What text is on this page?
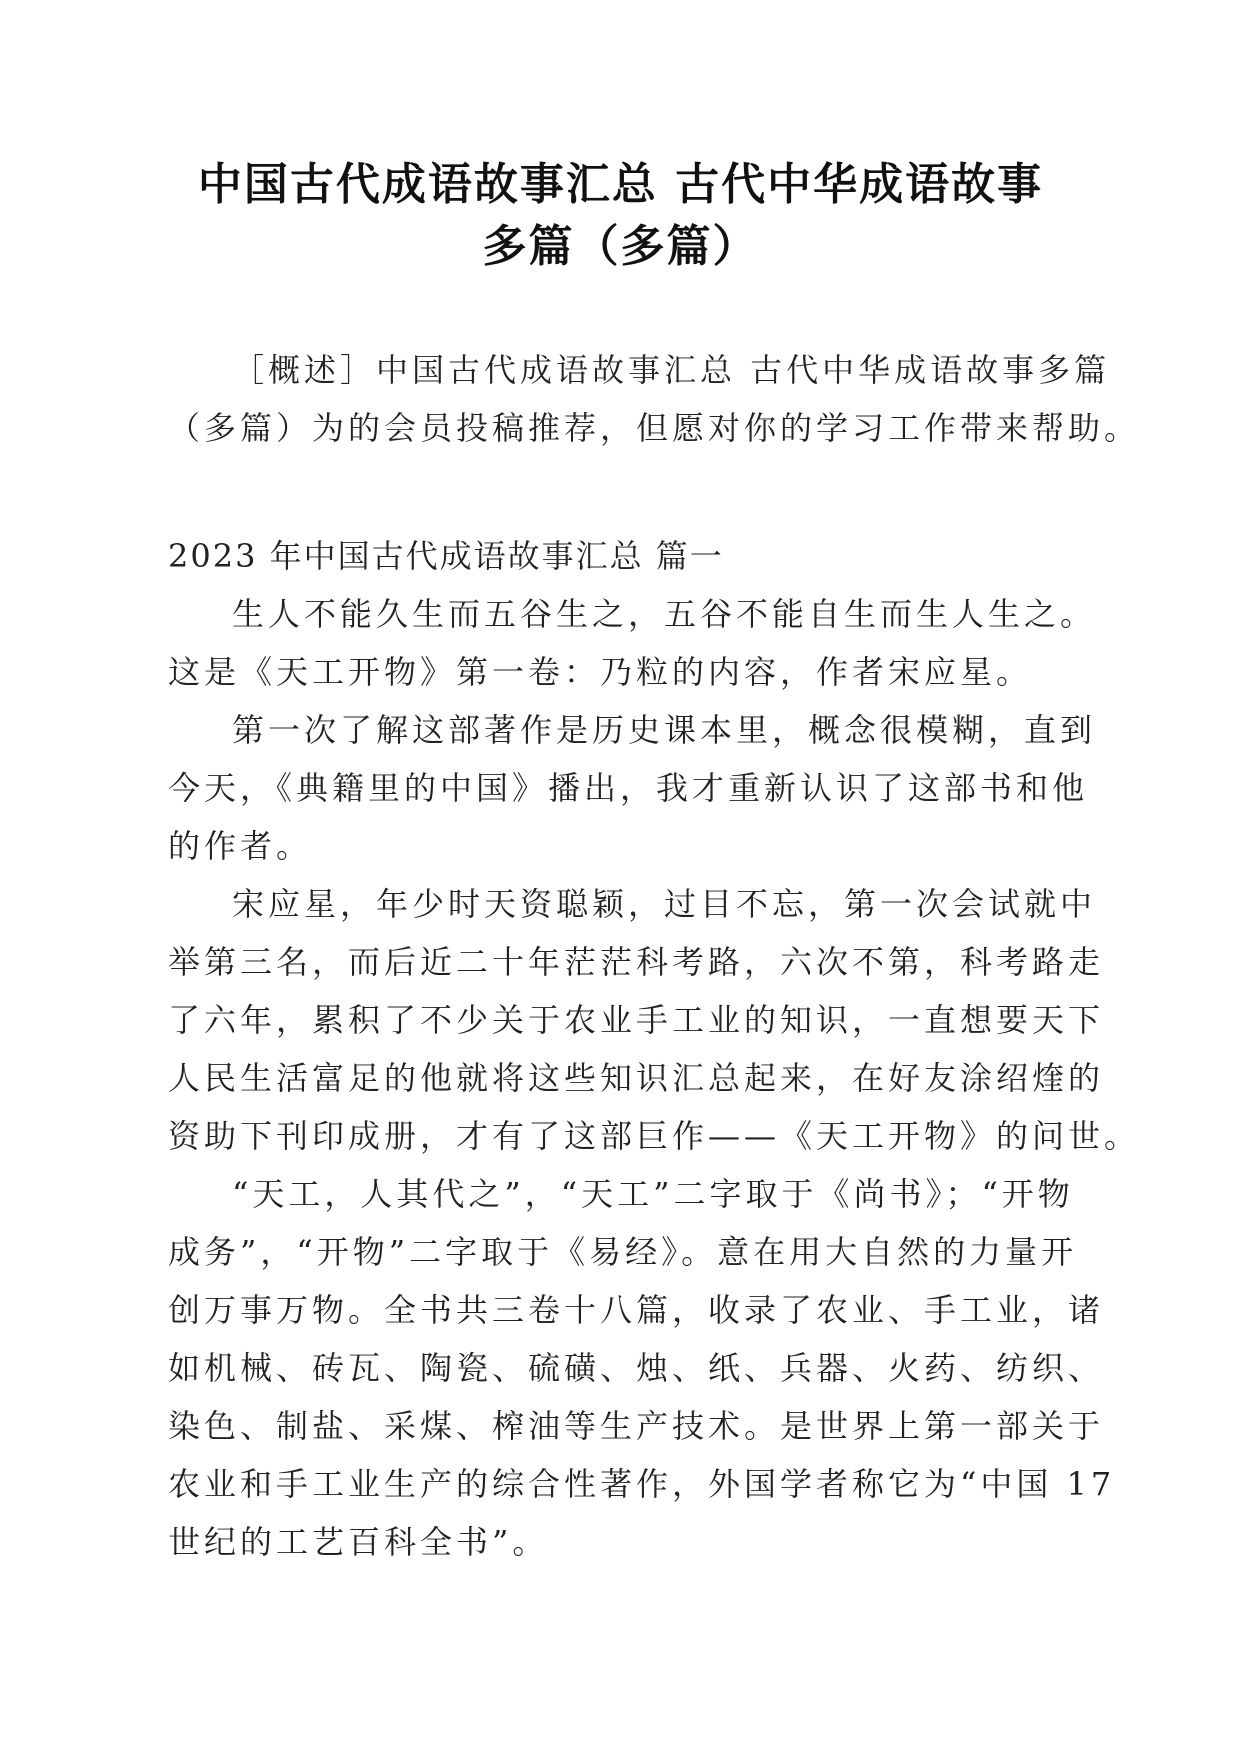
中国古代成语故事汇总 古代中华成语故事
多篇（多篇）
［概述］中国古代成语故事汇总 古代中华成语故事多篇
（多篇）为的会员投稿推荐，但愿对你的学习工作带来帮助。
2023 年中国古代成语故事汇总 篇一
生人不能久生而五谷生之，五谷不能自生而生人生之。
这是《天工开物》第一卷：乃粒的内容，作者宋应星。
第一次了解这部著作是历史课本里，概念很模糊，直到
今天，《典籍里的中国》播出，我才重新认识了这部书和他
的作者。
宋应星，年少时天资聪颖，过目不忘，第一次会试就中
举第三名，而后近二十年茫茫科考路，六次不第，科考路走
了六年，累积了不少关于农业手工业的知识，一直想要天下
人民生活富足的他就将这些知识汇总起来，在好友涂绍煃的
资助下刊印成册，才有了这部巨作——《天工开物》的问世。
“天工，人其代之”，“天工”二字取于《尚书》；“开物
成务”，“开物”二字取于《易经》。意在用大自然的力量开
创万事万物。全书共三卷十八篇，收录了农业、手工业，诸
如机械、砖瓦、陶瓷、硫磺、烛、纸、兵器、火药、纺织、
染色、制盐、采煤、榨油等生产技术。是世界上第一部关于
农业和手工业生产的综合性著作，外国学者称它为“中国 17
世纪的工艺百科全书”。
